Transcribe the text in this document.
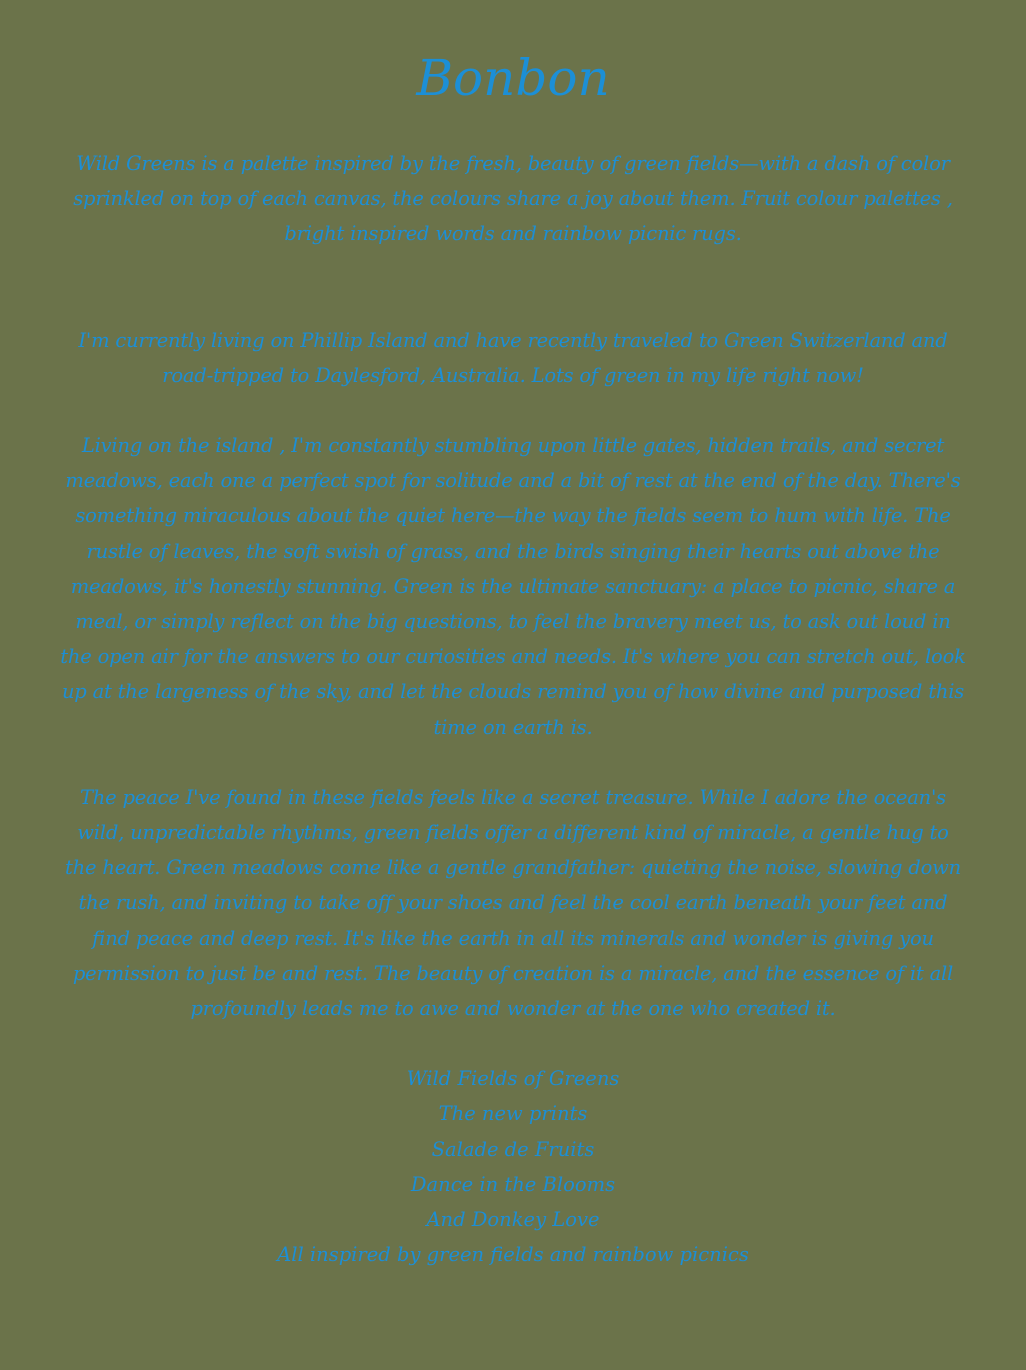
Bonbon

Wild Greens is a palette inspired by the fresh, beauty of green fields—with a dash of color sprinkled on top of each canvas, the colours share a joy about them. Fruit colour palettes , bright inspired words and rainbow picnic rugs.

I'm currently living on Phillip Island and have recently traveled to Green Switzerland and road-tripped to Daylesford, Australia. Lots of green in my life right now!

Living on the island , I'm constantly stumbling upon little gates, hidden trails, and secret meadows, each one a perfect spot for solitude and a bit of rest at the end of the day. There's something miraculous about the quiet here—the way the fields seem to hum with life. The rustle of leaves, the soft swish of grass, and the birds singing their hearts out above the meadows, it's honestly stunning. Green is the ultimate sanctuary: a place to picnic, share a meal, or simply reflect on the big questions, to feel the bravery meet us, to ask out loud in the open air for the answers to our curiosities and needs. It's where you can stretch out, look up at the largeness of the sky, and let the clouds remind you of how divine and purposed this time on earth is.

The peace I've found in these fields feels like a secret treasure. While I adore the ocean's wild, unpredictable rhythms, green fields offer a different kind of miracle, a gentle hug to the heart. Green meadows come like a gentle grandfather: quieting the noise, slowing down the rush, and inviting to take off your shoes and feel the cool earth beneath your feet and find peace and deep rest. It's like the earth in all its minerals and wonder is giving you permission to just be and rest. The beauty of creation is a miracle, and the essence of it all profoundly leads me to awe and wonder at the one who created it.

Wild Fields of Greens
The new prints
Salade de Fruits
Dance in the Blooms
And Donkey Love
All inspired by green fields and rainbow picnics
